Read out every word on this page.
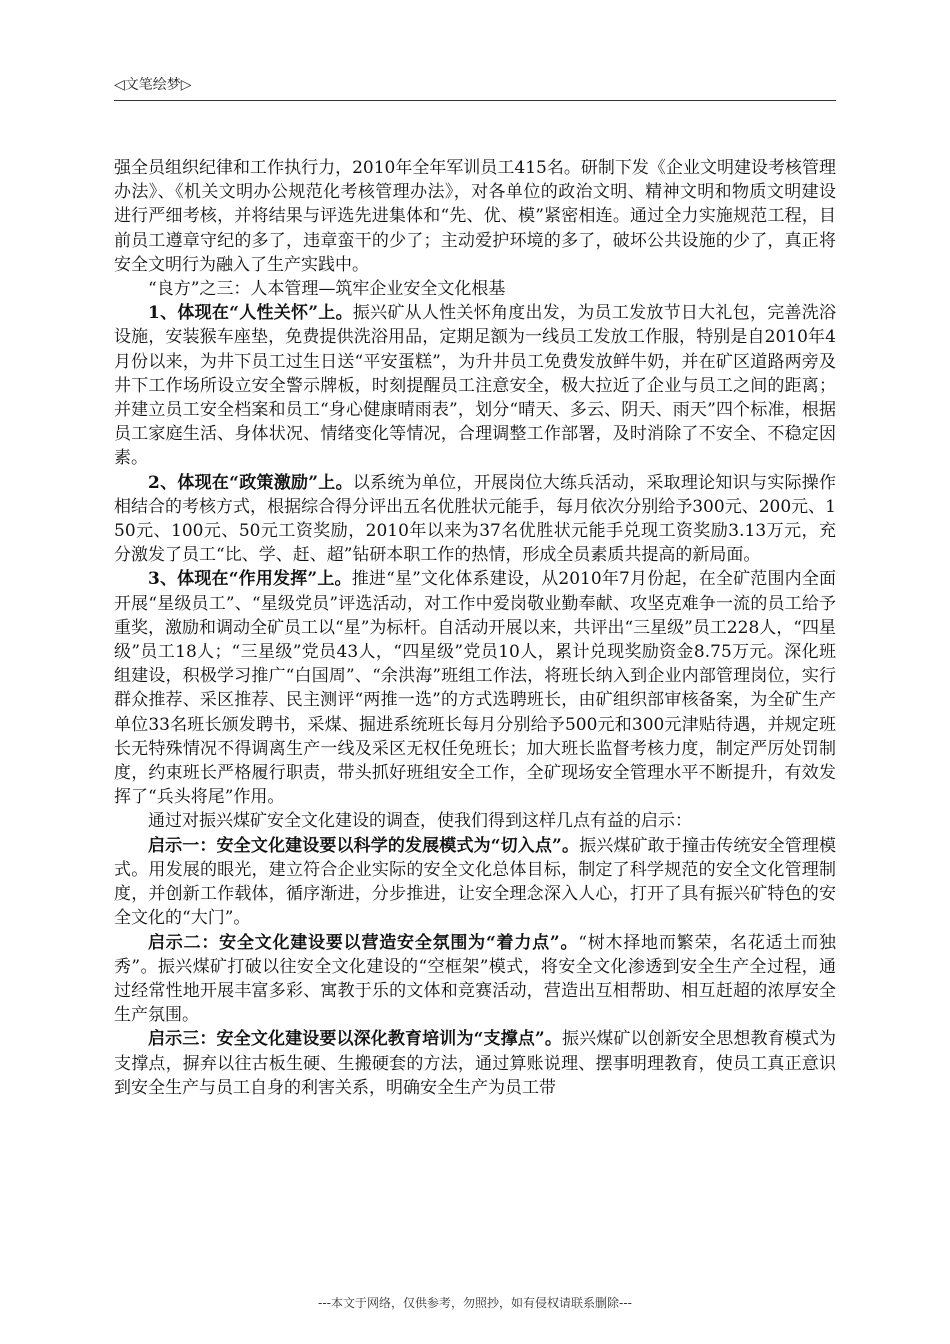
◁文笔绘梦▷

强全员组织纪律和工作执行力，2010年全年军训员工415名。研制下发《企业文明建设考核管理办法》、《机关文明办公规范化考核管理办法》，对各单位的政治文明、精神文明和物质文明建设进行严细考核，并将结果与评选先进集体和“先、优、模”紧密相连。通过全力实施规范工程，目前员工遵章守纪的多了，违章蛮干的少了；主动爱护环境的多了，破坏公共设施的少了，真正将安全文明行为融入了生产实践中。

“良方”之三：人本管理—筑牢企业安全文化根基

1、体现在“人性关怀”上。振兴矿从人性关怀角度出发，为员工发放节日大礼包，完善洗浴设施，安装猴车座垫，免费提供洗浴用品，定期足额为一线员工发放工作服，特别是自2010年4月份以来，为井下员工过生日送“平安蛋糕”，为升井员工免费发放鲜牛奶，并在矿区道路两旁及井下工作场所设立安全警示牌板，时刻提醒员工注意安全，极大拉近了企业与员工之间的距离；并建立员工安全档案和员工“身心健康晴雨表”，划分“晴天、多云、阴天、雨天”四个标准，根据员工家庭生活、身体状况、情绪变化等情况，合理调整工作部署，及时消除了不安全、不稳定因素。

2、体现在“政策激励”上。以系统为单位，开展岗位大练兵活动，采取理论知识与实际操作相结合的考核方式，根据综合得分评出五名优胜状元能手，每月依次分别给予300元、200元、150元、100元、50元工资奖励，2010年以来为37名优胜状元能手兑现工资奖励3.13万元，充分激发了员工“比、学、赶、超”钻研本职工作的热情，形成全员素质共提高的新局面。

3、体现在“作用发挥”上。推进“星”文化体系建设，从2010年7月份起，在全矿范围内全面开展“星级员工”、“星级党员”评选活动，对工作中爱岗敬业勤奉献、攻坚克难争一流的员工给予重奖，激励和调动全矿员工以“星”为标杆。自活动开展以来，共评出“三星级”员工228人，“四星级”员工18人；“三星级”党员43人，“四星级”党员10人，累计兑现奖励资金8.75万元。深化班组建设，积极学习推广“白国周”、“余洪海”班组工作法，将班长纳入到企业内部管理岗位，实行群众推荐、采区推荐、民主测评“两推一选”的方式选聘班长，由矿组织部审核备案，为全矿生产单位33名班长颁发聘书，采煤、掘进系统班长每月分别给予500元和300元津贴待遇，并规定班长无特殊情况不得调离生产一线及采区无权任免班长；加大班长监督考核力度，制定严厉处罚制度，约束班长严格履行职责，带头抓好班组安全工作，全矿现场安全管理水平不断提升，有效发挥了“兵头将尾”作用。

通过对振兴煤矿安全文化建设的调查，使我们得到这样几点有益的启示：

启示一：安全文化建设要以科学的发展模式为“切入点”。振兴煤矿敢于撞击传统安全管理模式。用发展的眼光，建立符合企业实际的安全文化总体目标，制定了科学规范的安全文化管理制度，并创新工作载体，循序渐进，分步推进，让安全理念深入人心，打开了具有振兴矿特色的安全文化的“大门”。

启示二：安全文化建设要以营造安全氛围为“着力点”。“树木择地而繁荣，名花适土而独秀”。振兴煤矿打破以往安全文化建设的“空框架”模式，将安全文化渗透到安全生产全过程，通过经常性地开展丰富多彩、寓教于乐的文体和竞赛活动，营造出互相帮助、相互赶超的浓厚安全生产氛围。

启示三：安全文化建设要以深化教育培训为“支撑点”。振兴煤矿以创新安全思想教育模式为支撑点，摒弃以往古板生硬、生搬硬套的方法，通过算账说理、摆事明理教育，使员工真正意识到安全生产与员工自身的利害关系，明确安全生产为员工带

---本文于网络，仅供参考，勿照抄，如有侵权请联系删除---
